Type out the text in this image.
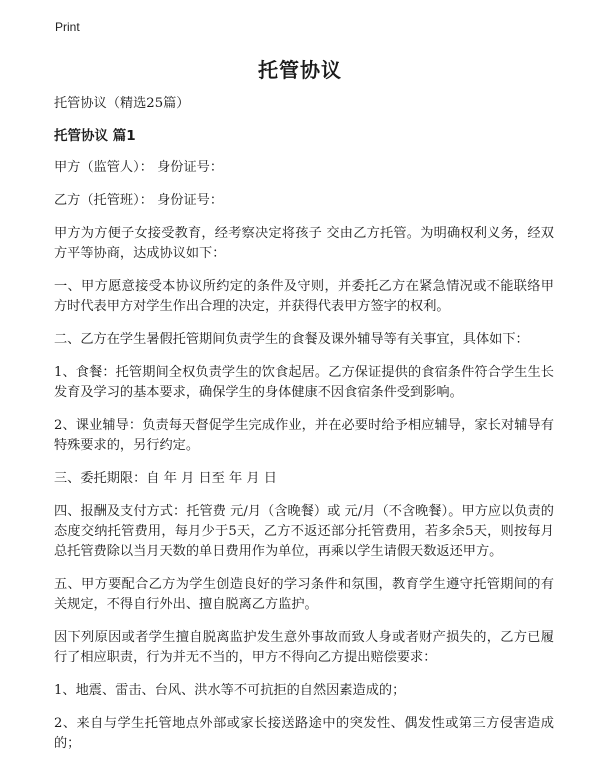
Print
托管协议

托管协议（精选25篇）

托管协议 篇1

甲方（监管人）： 身份证号：

乙方（托管班）： 身份证号：

甲方为方便子女接受教育，经考察决定将孩子 交由乙方托管。为明确权利义务，经双方平等协商，达成协议如下：

一、甲方愿意接受本协议所约定的条件及守则，并委托乙方在紧急情况或不能联络甲方时代表甲方对学生作出合理的决定，并获得代表甲方签字的权利。

二、乙方在学生暑假托管期间负责学生的食餐及课外辅导等有关事宜，具体如下：

1、食餐：托管期间全权负责学生的饮食起居。乙方保证提供的食宿条件符合学生生长发育及学习的基本要求，确保学生的身体健康不因食宿条件受到影响。

2、课业辅导：负责每天督促学生完成作业，并在必要时给予相应辅导，家长对辅导有特殊要求的，另行约定。

三、委托期限：自 年 月 日至 年 月 日

四、报酬及支付方式：托管费 元/月（含晚餐）或 元/月（不含晚餐）。甲方应以负责的态度交纳托管费用，每月少于5天，乙方不返还部分托管费用，若多余5天，则按每月总托管费除以当月天数的单日费用作为单位，再乘以学生请假天数返还甲方。

五、甲方要配合乙方为学生创造良好的学习条件和氛围，教育学生遵守托管期间的有关规定，不得自行外出、擅自脱离乙方监护。

因下列原因或者学生擅自脱离监护发生意外事故而致人身或者财产损失的，乙方已履行了相应职责，行为并无不当的，甲方不得向乙方提出赔偿要求：

1、地震、雷击、台风、洪水等不可抗拒的自然因素造成的；

2、来自与学生托管地点外部或家长接送路途中的突发性、偶发性或第三方侵害造成的；
